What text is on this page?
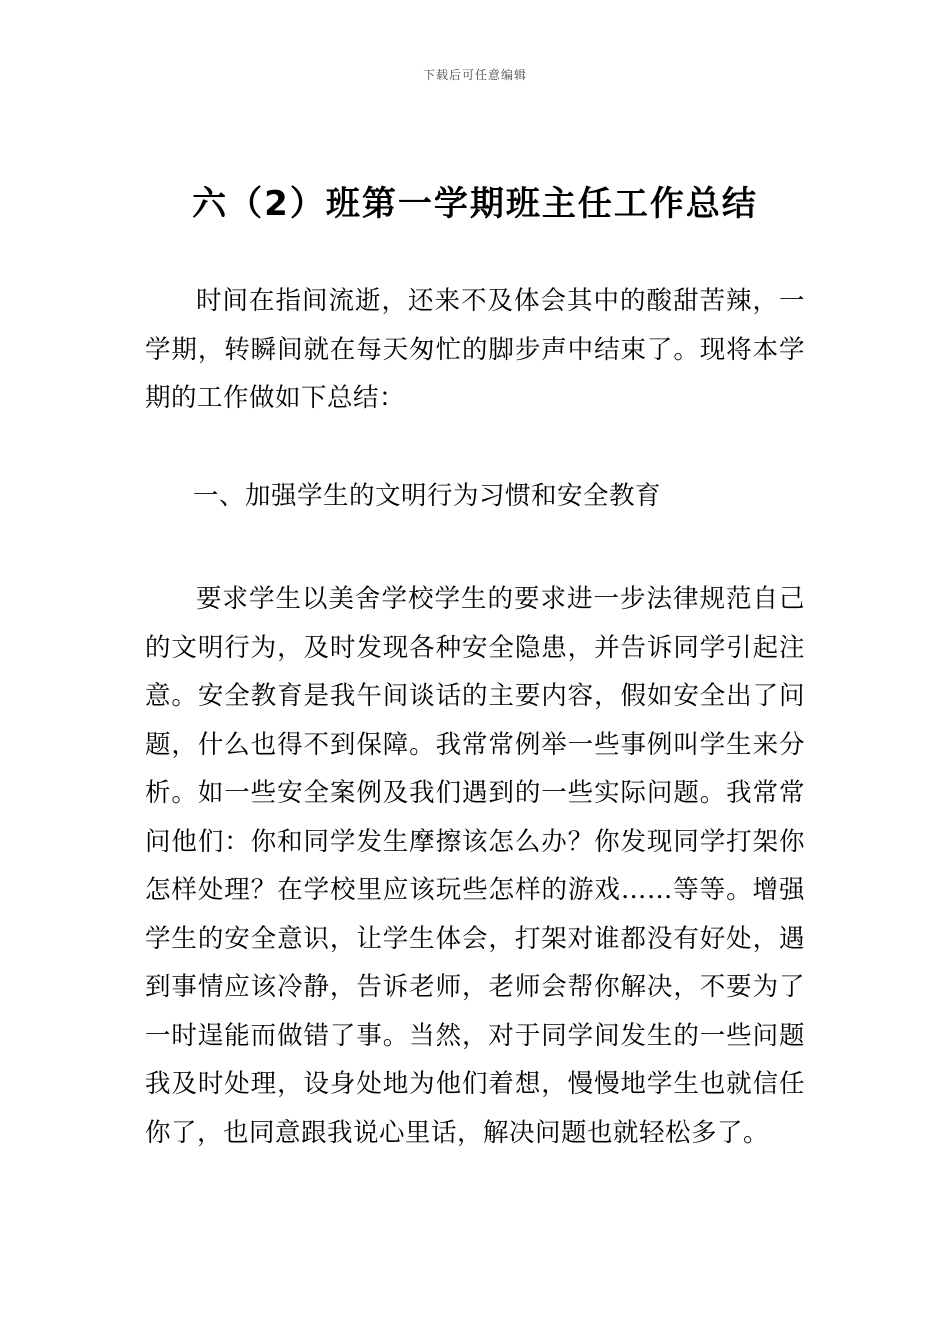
下载后可任意编辑
六（2）班第一学期班主任工作总结

时间在指间流逝，还来不及体会其中的酸甜苦辣，一学期，转瞬间就在每天匆忙的脚步声中结束了。现将本学期的工作做如下总结：

一、加强学生的文明行为习惯和安全教育

要求学生以美舍学校学生的要求进一步法律规范自己的文明行为，及时发现各种安全隐患，并告诉同学引起注意。安全教育是我午间谈话的主要内容，假如安全出了问题，什么也得不到保障。我常常例举一些事例叫学生来分析。如一些安全案例及我们遇到的一些实际问题。我常常问他们：你和同学发生摩擦该怎么办？你发现同学打架你怎样处理？在学校里应该玩些怎样的游戏……等等。增强学生的安全意识，让学生体会，打架对谁都没有好处，遇到事情应该冷静，告诉老师，老师会帮你解决，不要为了一时逞能而做错了事。当然，对于同学间发生的一些问题我及时处理，设身处地为他们着想，慢慢地学生也就信任你了，也同意跟我说心里话，解决问题也就轻松多了。
